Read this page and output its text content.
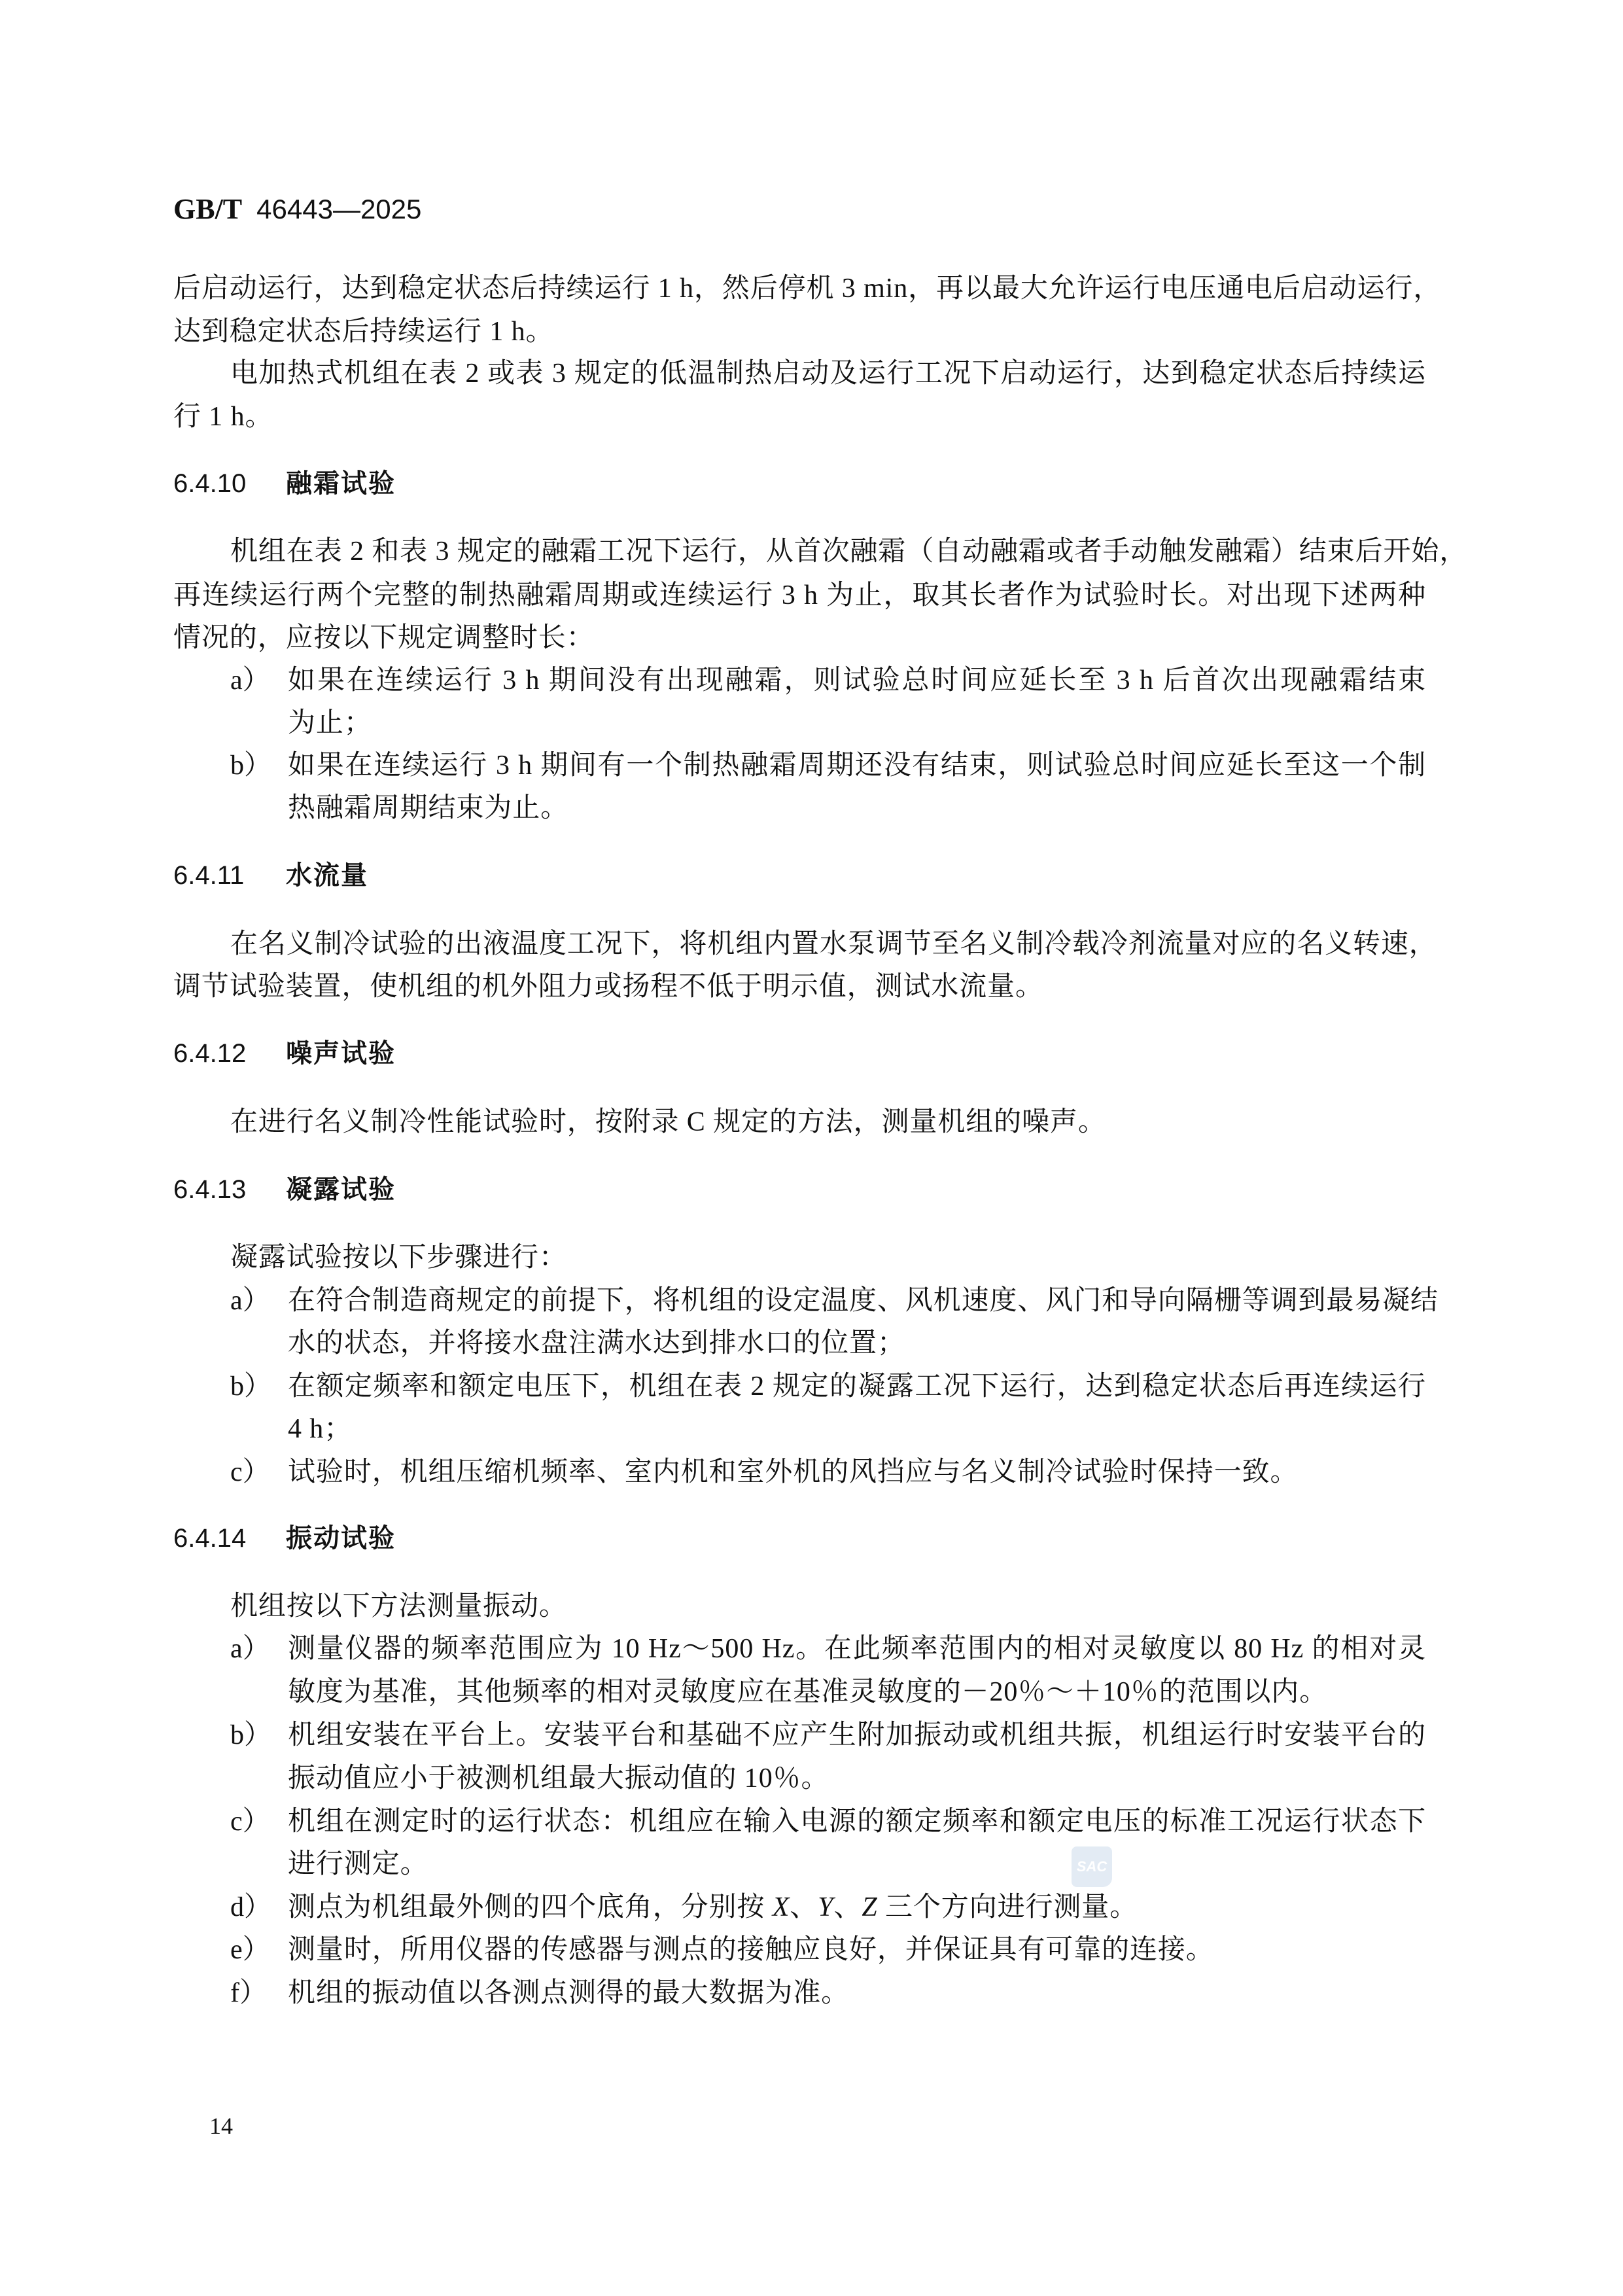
GB/T 46443—2025
后启动运行，达到稳定状态后持续运行 1 h，然后停机 3 min，再以最大允许运行电压通电后启动运行，
达到稳定状态后持续运行 1 h。
电加热式机组在表 2 或表 3 规定的低温制热启动及运行工况下启动运行，达到稳定状态后持续运
行 1 h。
6.4.10 融霜试验
机组在表 2 和表 3 规定的融霜工况下运行，从首次融霜（自动融霜或者手动触发融霜）结束后开始，
再连续运行两个完整的制热融霜周期或连续运行 3 h 为止，取其长者作为试验时长。对出现下述两种
情况的，应按以下规定调整时长：
a） 如果在连续运行 3 h 期间没有出现融霜，则试验总时间应延长至 3 h 后首次出现融霜结束
为止；
b） 如果在连续运行 3 h 期间有一个制热融霜周期还没有结束，则试验总时间应延长至这一个制
热融霜周期结束为止。
6.4.11 水流量
在名义制冷试验的出液温度工况下，将机组内置水泵调节至名义制冷载冷剂流量对应的名义转速，
调节试验装置，使机组的机外阻力或扬程不低于明示值，测试水流量。
6.4.12 噪声试验
在进行名义制冷性能试验时，按附录 C 规定的方法，测量机组的噪声。
6.4.13 凝露试验
凝露试验按以下步骤进行：
a） 在符合制造商规定的前提下，将机组的设定温度、风机速度、风门和导向隔栅等调到最易凝结
水的状态，并将接水盘注满水达到排水口的位置；
b） 在额定频率和额定电压下，机组在表 2 规定的凝露工况下运行，达到稳定状态后再连续运行
4 h；
c） 试验时，机组压缩机频率、室内机和室外机的风挡应与名义制冷试验时保持一致。
6.4.14 振动试验
机组按以下方法测量振动。
a） 测量仪器的频率范围应为 10 Hz～500 Hz。在此频率范围内的相对灵敏度以 80 Hz 的相对灵
敏度为基准，其他频率的相对灵敏度应在基准灵敏度的－20％～＋10％的范围以内。
b） 机组安装在平台上。安装平台和基础不应产生附加振动或机组共振，机组运行时安装平台的
振动值应小于被测机组最大振动值的 10％。
c） 机组在测定时的运行状态：机组应在输入电源的额定频率和额定电压的标准工况运行状态下
进行测定。
d） 测点为机组最外侧的四个底角，分别按 X、Y、Z 三个方向进行测量。
e） 测量时，所用仪器的传感器与测点的接触应良好，并保证具有可靠的连接。
f） 机组的振动值以各测点测得的最大数据为准。
SAC
14
